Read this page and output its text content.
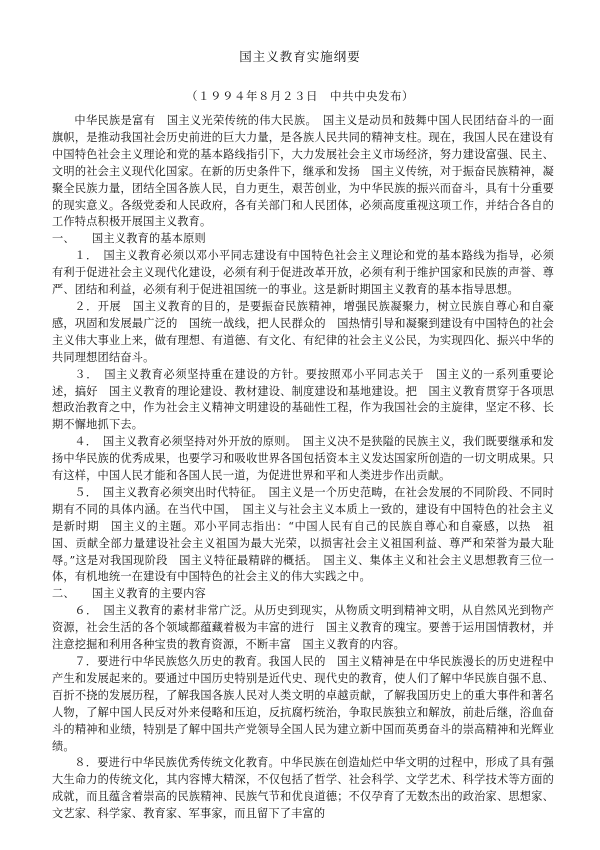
国主义教育实施纲要
（１９９４年８月２３日　中共中央发布）

中华民族是富有　国主义光荣传统的伟大民族。　国主义是动员和鼓舞中国人民团结奋斗的一面旗帜，是推动我国社会历史前进的巨大力量，是各族人民共同的精神支柱。现在，我国人民在建设有中国特色社会主义理论和党的基本路线指引下，大力发展社会主义市场经济，努力建设富强、民主、文明的社会主义现代化国家。在新的历史条件下，继承和发扬　国主义传统，对于振奋民族精神，凝聚全民族力量，团结全国各族人民，自力更生，艰苦创业，为中华民族的振兴而奋斗，具有十分重要的现实意义。各级党委和人民政府，各有关部门和人民团体，必须高度重视这项工作，并结合各自的工作特点积极开展国主义教育。

一、 国主义教育的基本原则

１．　国主义教育必须以邓小平同志建设有中国特色社会主义理论和党的基本路线为指导，必须有利于促进社会主义现代化建设，必须有利于促进改革开放，必须有利于维护国家和民族的声誉、尊严、团结和利益，必须有利于促进祖国统一的事业。这是新时期国主义教育的基本指导思想。

２．开展　国主义教育的目的，是要振奋民族精神，增强民族凝聚力，树立民族自尊心和自豪感，巩固和发展最广泛的　国统一战线，把人民群众的　国热情引导和凝聚到建设有中国特色的社会主义伟大事业上来，做有理想、有道德、有文化、有纪律的社会主义公民，为实现四化、振兴中华的共同理想团结奋斗。

３．　国主义教育必须坚持重在建设的方针。要按照邓小平同志关于　国主义的一系列重要论述，搞好　国主义教育的理论建设、教材建设、制度建设和基地建设。把　国主义教育贯穿于各项思想政治教育之中，作为社会主义精神文明建设的基础性工程，作为我国社会的主旋律，坚定不移、长期不懈地抓下去。

４．　国主义教育必须坚持对外开放的原则。　国主义决不是狭隘的民族主义，我们既要继承和发扬中华民族的优秀成果，也要学习和吸收世界各国包括资本主义发达国家所创造的一切文明成果。只有这样，中国人民才能和各国人民一道，为促进世界和平和人类进步作出贡献。

５．　国主义教育必须突出时代特征。　国主义是一个历史范畴，在社会发展的不同阶段、不同时期有不同的具体内涵。在当代中国，　国主义与社会主义本质上一致的，建设有中国特色的社会主义是新时期　国主义的主题。邓小平同志指出：“中国人民有自己的民族自尊心和自豪感，以热　祖国、贡献全部力量建设社会主义祖国为最大光荣，以损害社会主义祖国利益、尊严和荣誉为最大耻辱。”这是对我国现阶段　国主义特征最精辟的概括。　国主义、集体主义和社会主义思想教育三位一体，有机地统一在建设有中国特色的社会主义的伟大实践之中。

二、 国主义教育的主要内容

６．　国主义教育的素材非常广泛。从历史到现实，从物质文明到精神文明，从自然风光到物产资源，社会生活的各个领域都蕴藏着极为丰富的进行　国主义教育的瑰宝。要善于运用国情教材，并注意挖掘和利用各种宝贵的教育资源，不断丰富　国主义教育的内容。

７．要进行中华民族悠久历史的教育。我国人民的　国主义精神是在中华民族漫长的历史进程中产生和发展起来的。要通过中国历史特别是近代史、现代史的教育，使人们了解中华民族自强不息、百折不挠的发展历程，了解我国各族人民对人类文明的卓越贡献，了解我国历史上的重大事件和著名人物，了解中国人民反对外来侵略和压迫，反抗腐朽统治，争取民族独立和解放，前赴后继，浴血奋斗的精神和业绩，特别是了解中国共产党领导全国人民为建立新中国而英勇奋斗的崇高精神和光辉业绩。

８．要进行中华民族优秀传统文化教育。中华民族在创造灿烂中华文明的过程中，形成了具有强大生命力的传统文化，其内容博大精深，不仅包括了哲学、社会科学、文学艺术、科学技术等方面的成就，而且蕴含着崇高的民族精神、民族气节和优良道德；不仅孕育了无数杰出的政治家、思想家、文艺家、科学家、教育家、军事家，而且留下了丰富的
